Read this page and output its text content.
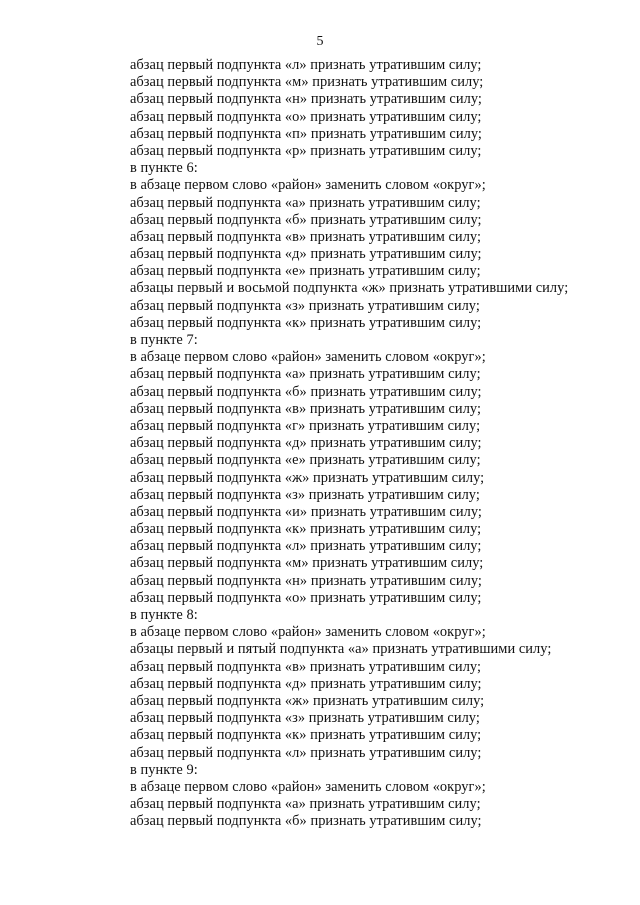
5
абзац первый подпункта «л» признать утратившим силу;
абзац первый подпункта «м» признать утратившим силу;
абзац первый подпункта «н» признать утратившим силу;
абзац первый подпункта «о» признать утратившим силу;
абзац первый подпункта «п» признать утратившим силу;
абзац первый подпункта «р» признать утратившим силу;
в пункте 6:
в абзаце первом слово «район» заменить словом «округ»;
абзац первый подпункта «а» признать утратившим силу;
абзац первый подпункта «б» признать утратившим силу;
абзац первый подпункта «в» признать утратившим силу;
абзац первый подпункта «д» признать утратившим силу;
абзац первый подпункта «е» признать утратившим силу;
абзацы первый и восьмой подпункта «ж» признать утратившими силу;
абзац первый подпункта «з» признать утратившим силу;
абзац первый подпункта «к» признать утратившим силу;
в пункте 7:
в абзаце первом слово «район» заменить словом «округ»;
абзац первый подпункта «а» признать утратившим силу;
абзац первый подпункта «б» признать утратившим силу;
абзац первый подпункта «в» признать утратившим силу;
абзац первый подпункта «г» признать утратившим силу;
абзац первый подпункта «д» признать утратившим силу;
абзац первый подпункта «е» признать утратившим силу;
абзац первый подпункта «ж» признать утратившим силу;
абзац первый подпункта «з» признать утратившим силу;
абзац первый подпункта «и» признать утратившим силу;
абзац первый подпункта «к» признать утратившим силу;
абзац первый подпункта «л» признать утратившим силу;
абзац первый подпункта «м» признать утратившим силу;
абзац первый подпункта «н» признать утратившим силу;
абзац первый подпункта «о» признать утратившим силу;
в пункте 8:
в абзаце первом слово «район» заменить словом «округ»;
абзацы первый и пятый подпункта «а» признать утратившими силу;
абзац первый подпункта «в» признать утратившим силу;
абзац первый подпункта «д» признать утратившим силу;
абзац первый подпункта «ж» признать утратившим силу;
абзац первый подпункта «з» признать утратившим силу;
абзац первый подпункта «к» признать утратившим силу;
абзац первый подпункта «л» признать утратившим силу;
в пункте 9:
в абзаце первом слово «район» заменить словом «округ»;
абзац первый подпункта «а» признать утратившим силу;
абзац первый подпункта «б» признать утратившим силу;
